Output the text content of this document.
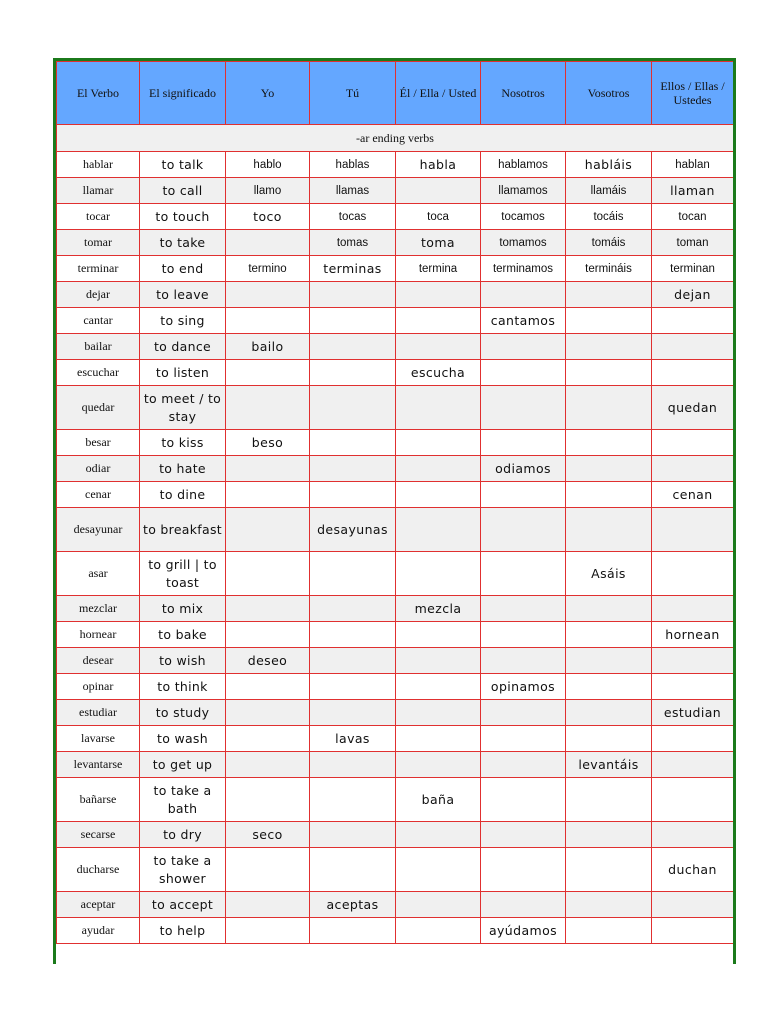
El Verbo	El significado	Yo	Tú	Él / Ella / Usted	Nosotros	Vosotros	Ellos / Ellas / Ustedes
-ar ending verbs							
hablar	to talk	hablo	hablas	habla	hablamos	habláis	hablan
llamar	to call	llamo	llamas		llamamos	llamáis	llaman
tocar	to touch	toco	tocas	toca	tocamos	tocáis	tocan
tomar	to take		tomas	toma	tomamos	tomáis	toman
terminar	to end	termino	terminas	termina	terminamos	termináis	terminan
dejar	to leave						dejan
cantar	to sing				cantamos		
bailar	to dance	bailo					
escuchar	to listen			escucha			
quedar	to meet / to stay						quedan
besar	to kiss	beso					
odiar	to hate				odiamos		
cenar	to dine						cenan
desayunar	to breakfast		desayunas				
asar	to grill | to toast					Asáis	
mezclar	to mix			mezcla			
hornear	to bake						hornean
desear	to wish	deseo					
opinar	to think				opinamos		
estudiar	to study						estudian
lavarse	to wash		lavas				
levantarse	to get up					levantáis	
bañarse	to take a bath			baña			
secarse	to dry	seco					
ducharse	to take a shower						duchan
aceptar	to accept		aceptas				
ayudar	to help				ayúdamos		
